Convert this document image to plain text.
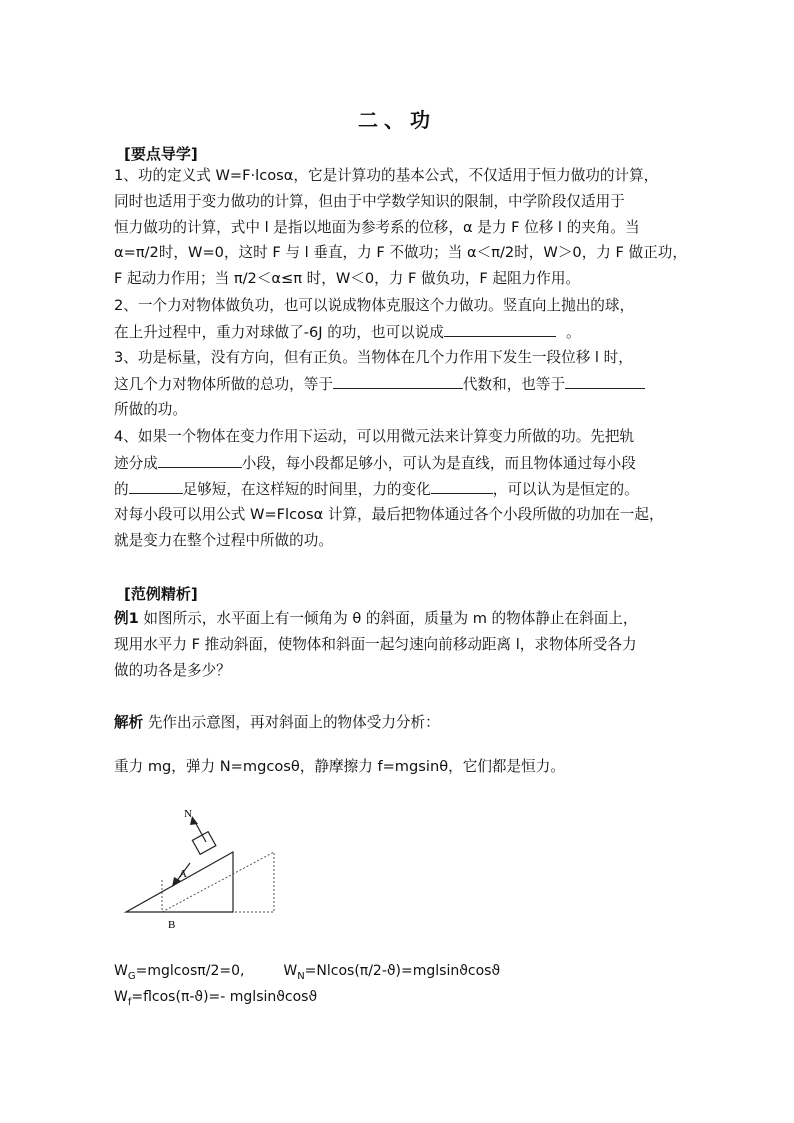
二、功
[要点导学]
1、功的定义式 W=F·lcosα，它是计算功的基本公式，不仅适用于恒力做功的计算，
同时也适用于变力做功的计算，但由于中学数学知识的限制，中学阶段仅适用于
恒力做功的计算，式中 l 是指以地面为参考系的位移，α 是力 F 位移 l 的夹角。当
α=π/2时，W=0，这时 F 与 l 垂直，力 F 不做功；当 α＜π/2时，W＞0，力 F 做正功，
F 起动力作用；当 π/2＜α≤π 时，W＜0，力 F 做负功，F 起阻力作用。
2、一个力对物体做负功，也可以说成物体克服这个力做功。竖直向上抛出的球，
在上升过程中，重力对球做了-6J 的功，也可以说成	。
3、功是标量，没有方向，但有正负。当物体在几个力作用下发生一段位移 l 时，
这几个力对物体所做的总功，等于	代数和，也等于
所做的功。
4、如果一个物体在变力作用下运动，可以用微元法来计算变力所做的功。先把轨
迹分成	小段，每小段都足够小，可认为是直线，而且物体通过每小段
的	足够短，在这样短的时间里，力的变化	，可以认为是恒定的。
对每小段可以用公式 W=Flcosα 计算，最后把物体通过各个小段所做的功加在一起，
就是变力在整个过程中所做的功。
[范例精析]
例1 如图所示，水平面上有一倾角为 θ 的斜面，质量为 m 的物体静止在斜面上，
现用水平力 F 推动斜面，使物体和斜面一起匀速向前移动距离 l，求物体所受各力
做的功各是多少？
解析 先作出示意图，再对斜面上的物体受力分析：
重力 mg，弹力 N=mgcosθ，静摩擦力 f=mgsinθ，它们都是恒力。
N
A
B
$W_G=mglcos\pi/2=0$,	$W_N=Nlcos(\pi/2-ϑ)=mglsinϑ\cos ϑ$
$W_f=flcos(\pi-ϑ)=-$ mglsinϑcosϑ
